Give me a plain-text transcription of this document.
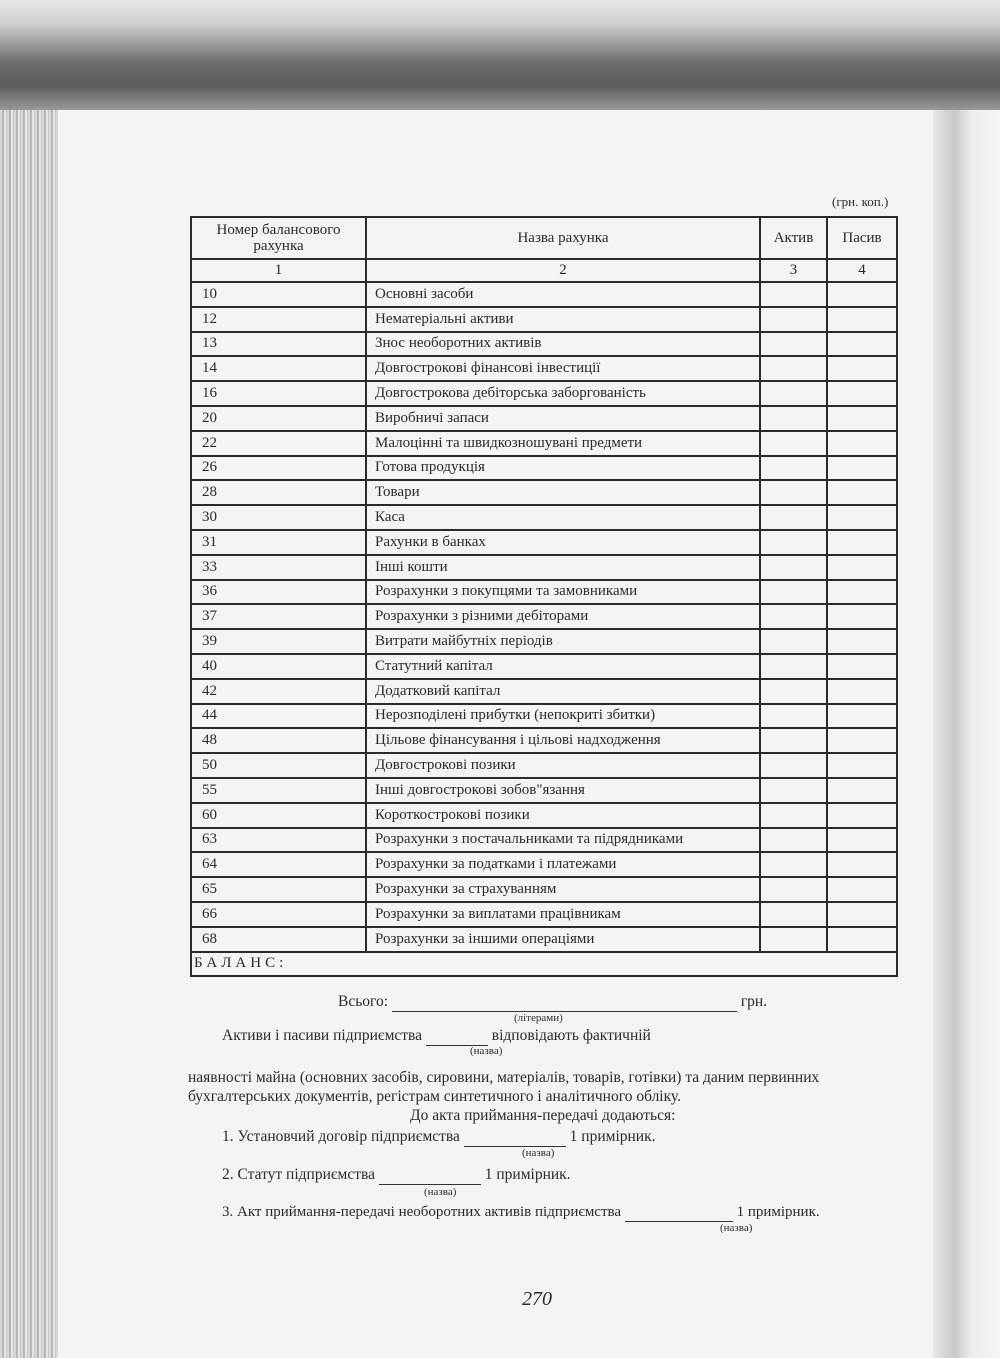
(грн. коп.)
Номер балансового рахунка	Назва рахунка	Актив	Пасив
1	2	3	4
10	Основні засоби		
12	Нематеріальні активи		
13	Знос необоротних активів		
14	Довгострокові фінансові інвестиції		
16	Довгострокова дебіторська заборгованість		
20	Виробничі запаси		
22	Малоцінні та швидкозношувані предмети		
26	Готова продукція		
28	Товари		
30	Каса		
31	Рахунки в банках		
33	Інші кошти		
36	Розрахунки з покупцями та замовниками		
37	Розрахунки з різними дебіторами		
39	Витрати майбутніх періодів		
40	Статутний капітал		
42	Додатковий капітал		
44	Нерозподілені прибутки (непокриті збитки)		
48	Цільове фінансування і цільові надходження		
50	Довгострокові позики		
55	Інші довгострокові зобов"язання		
60	Короткострокові позики		
63	Розрахунки з постачальниками та підрядниками		
64	Розрахунки за податками і платежами		
65	Розрахунки за страхуванням		
66	Розрахунки за виплатами працівникам		
68	Розрахунки за іншими операціями		
БАЛАНС:			
Всього:	грн.
(літерами)
Активи і пасиви підприємства	відповідають фактичній
(назва)
наявності майна (основних засобів, сировини, матеріалів, товарів, готівки) та даним первинних
бухгалтерських документів, регістрам синтетичного і аналітичного обліку.
До акта приймання-передачі додаються:
1. Установчий договір підприємства	1 примірник.
(назва)
2. Статут підприємства	1 примірник.
(назва)
3. Акт приймання-передачі необоротних активів підприємства	1 примірник.
(назва)
270
